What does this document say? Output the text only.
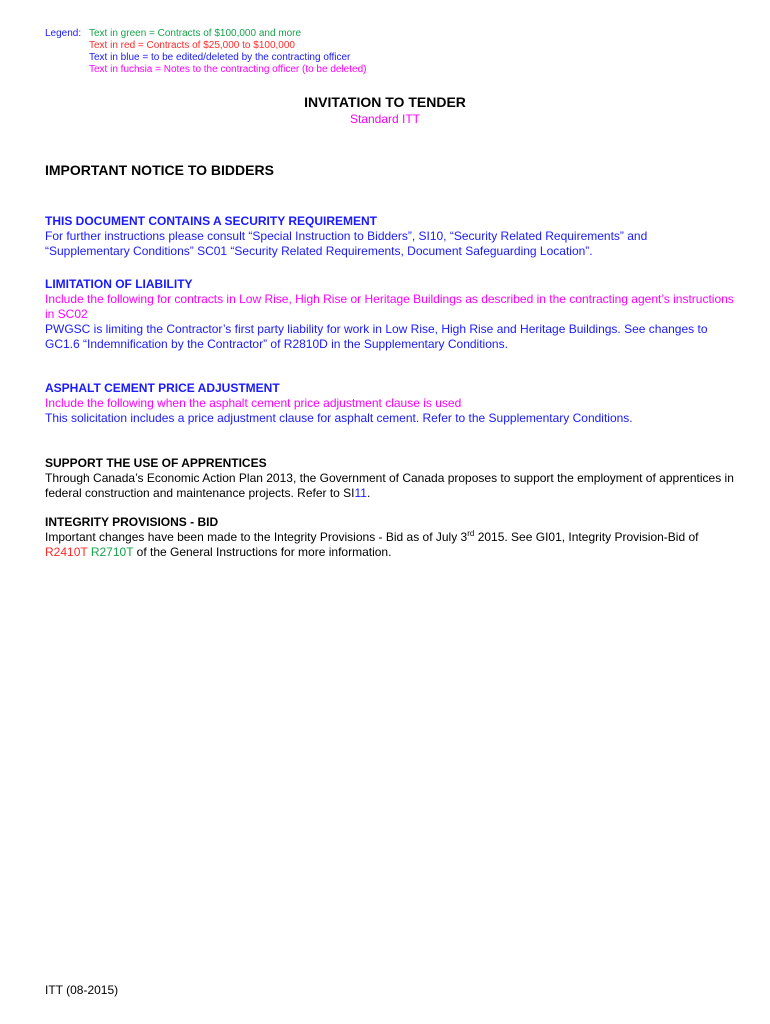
Legend: Text in green = Contracts of $100,000 and more
Text in red = Contracts of $25,000 to $100,000
Text in blue = to be edited/deleted by the contracting officer
Text in fuchsia = Notes to the contracting officer (to be deleted)
INVITATION TO TENDER
Standard ITT
IMPORTANT NOTICE TO BIDDERS
THIS DOCUMENT CONTAINS A SECURITY REQUIREMENT

For further instructions please consult “Special Instruction to Bidders”, SI10, “Security Related Requirements” and “Supplementary Conditions” SC01 “Security Related Requirements, Document Safeguarding Location”.

LIMITATION OF LIABILITY

Include the following for contracts in Low Rise, High Rise or Heritage Buildings as described in the contracting agent’s instructions in SC02

PWGSC is limiting the Contractor’s first party liability for work in Low Rise, High Rise and Heritage Buildings. See changes to GC1.6 “Indemnification by the Contractor” of R2810D in the Supplementary Conditions.

ASPHALT CEMENT PRICE ADJUSTMENT

Include the following when the asphalt cement price adjustment clause is used

This solicitation includes a price adjustment clause for asphalt cement. Refer to the Supplementary Conditions.

SUPPORT THE USE OF APPRENTICES

Through Canada’s Economic Action Plan 2013, the Government of Canada proposes to support the employment of apprentices in federal construction and maintenance projects. Refer to SI11.

INTEGRITY PROVISIONS - BID

Important changes have been made to the Integrity Provisions - Bid as of July 3rd 2015. See GI01, Integrity Provision-Bid of R2410T R2710T of the General Instructions for more information.

ITT (08-2015)
